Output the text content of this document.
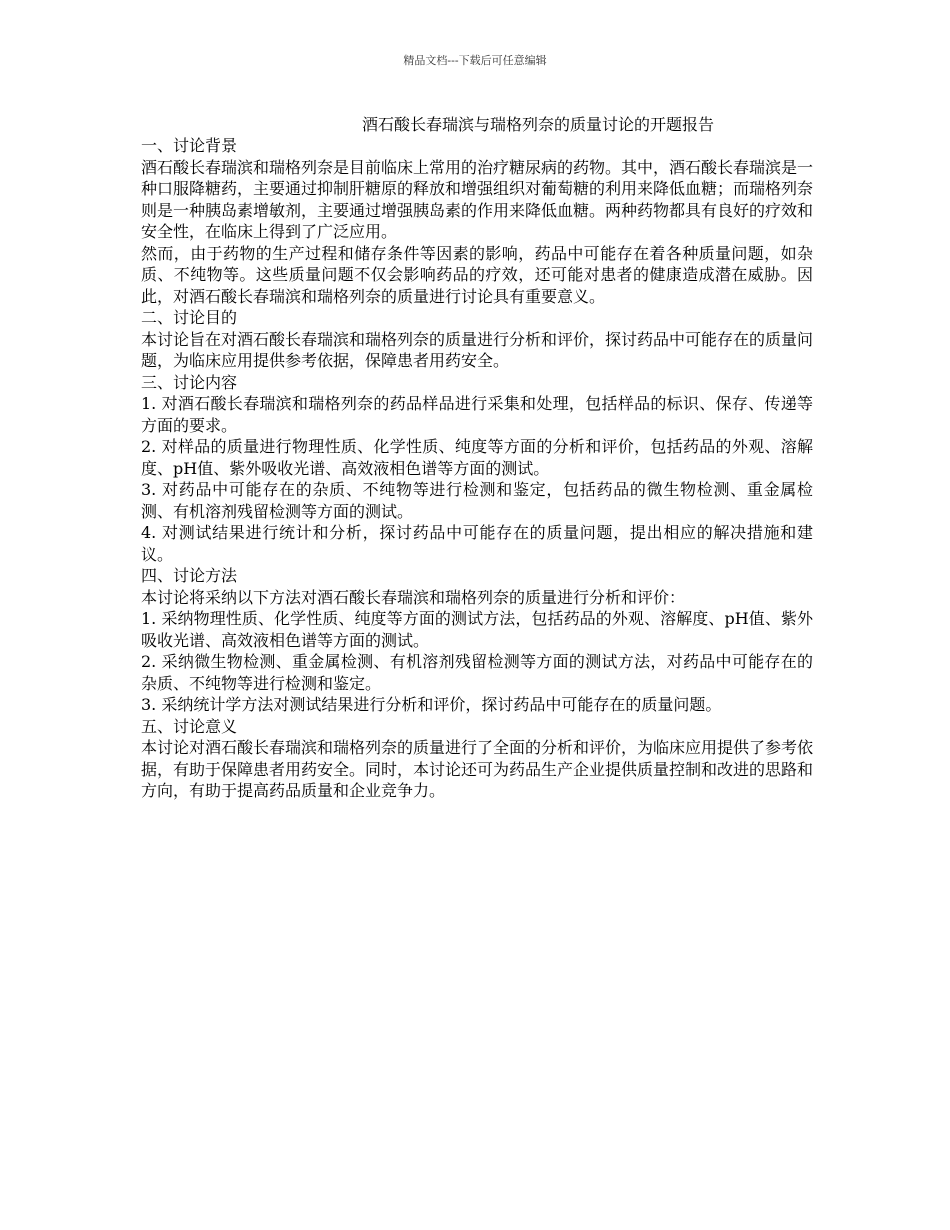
精品文档---下载后可任意编辑
酒石酸长春瑞滨与瑞格列奈的质量讨论的开题报告

一、讨论背景

酒石酸长春瑞滨和瑞格列奈是目前临床上常用的治疗糖尿病的药物。其中，酒石酸长春瑞滨是一种口服降糖药，主要通过抑制肝糖原的释放和增强组织对葡萄糖的利用来降低血糖；而瑞格列奈则是一种胰岛素增敏剂，主要通过增强胰岛素的作用来降低血糖。两种药物都具有良好的疗效和安全性，在临床上得到了广泛应用。

然而，由于药物的生产过程和储存条件等因素的影响，药品中可能存在着各种质量问题，如杂质、不纯物等。这些质量问题不仅会影响药品的疗效，还可能对患者的健康造成潜在威胁。因此，对酒石酸长春瑞滨和瑞格列奈的质量进行讨论具有重要意义。

二、讨论目的

本讨论旨在对酒石酸长春瑞滨和瑞格列奈的质量进行分析和评价，探讨药品中可能存在的质量问题，为临床应用提供参考依据，保障患者用药安全。

三、讨论内容

1. 对酒石酸长春瑞滨和瑞格列奈的药品样品进行采集和处理，包括样品的标识、保存、传递等方面的要求。

2. 对样品的质量进行物理性质、化学性质、纯度等方面的分析和评价，包括药品的外观、溶解度、pH值、紫外吸收光谱、高效液相色谱等方面的测试。

3. 对药品中可能存在的杂质、不纯物等进行检测和鉴定，包括药品的微生物检测、重金属检测、有机溶剂残留检测等方面的测试。

4. 对测试结果进行统计和分析，探讨药品中可能存在的质量问题，提出相应的解决措施和建议。

四、讨论方法

本讨论将采纳以下方法对酒石酸长春瑞滨和瑞格列奈的质量进行分析和评价：

1. 采纳物理性质、化学性质、纯度等方面的测试方法，包括药品的外观、溶解度、pH值、紫外吸收光谱、高效液相色谱等方面的测试。

2. 采纳微生物检测、重金属检测、有机溶剂残留检测等方面的测试方法，对药品中可能存在的杂质、不纯物等进行检测和鉴定。

3. 采纳统计学方法对测试结果进行分析和评价，探讨药品中可能存在的质量问题。

五、讨论意义

本讨论对酒石酸长春瑞滨和瑞格列奈的质量进行了全面的分析和评价，为临床应用提供了参考依据，有助于保障患者用药安全。同时，本讨论还可为药品生产企业提供质量控制和改进的思路和方向，有助于提高药品质量和企业竞争力。
